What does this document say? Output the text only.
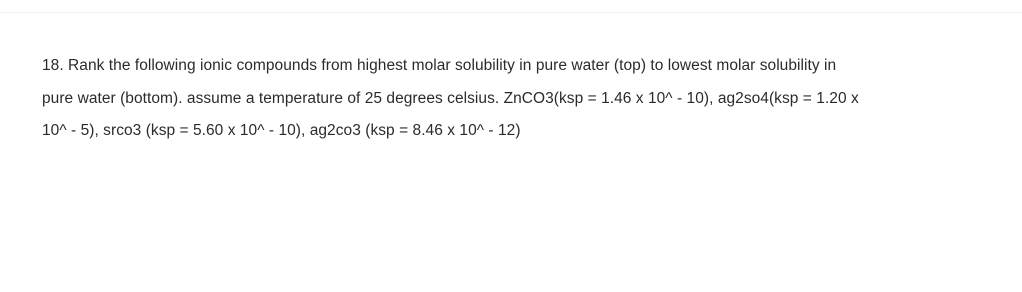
18. Rank the following ionic compounds from highest molar solubility in pure water (top) to lowest molar solubility in
pure water (bottom). assume a temperature of 25 degrees celsius. ZnCO3(ksp = 1.46 x 10^ - 10), ag2so4(ksp = 1.20 x
10^ - 5), srco3 (ksp = 5.60 x 10^ - 10), ag2co3 (ksp = 8.46 x 10^ - 12)
